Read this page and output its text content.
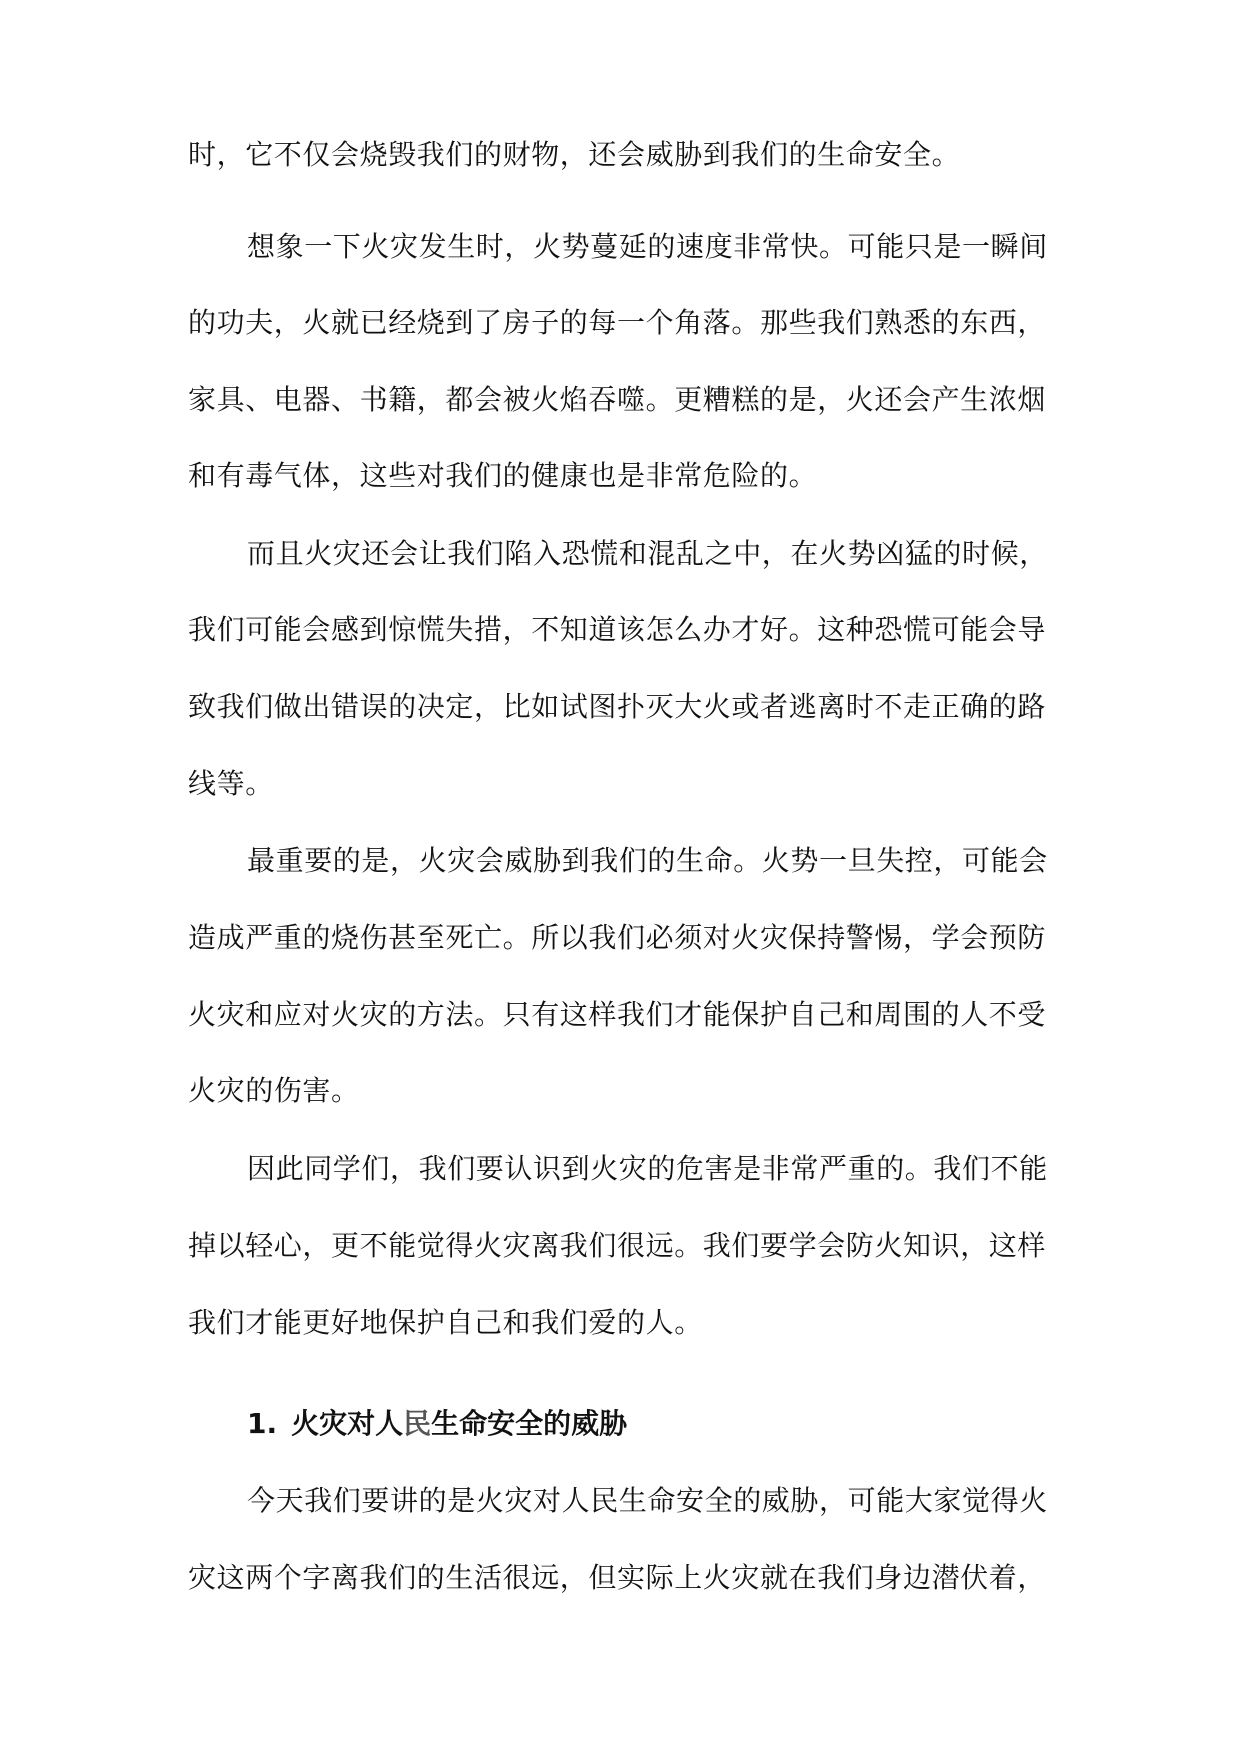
时，它不仅会烧毁我们的财物，还会威胁到我们的生命安全。
想象一下火灾发生时，火势蔓延的速度非常快。可能只是一瞬间
的功夫，火就已经烧到了房子的每一个角落。那些我们熟悉的东西，
家具、电器、书籍，都会被火焰吞噬。更糟糕的是，火还会产生浓烟
和有毒气体，这些对我们的健康也是非常危险的。
而且火灾还会让我们陷入恐慌和混乱之中，在火势凶猛的时候，
我们可能会感到惊慌失措，不知道该怎么办才好。这种恐慌可能会导
致我们做出错误的决定，比如试图扑灭大火或者逃离时不走正确的路
线等。
最重要的是，火灾会威胁到我们的生命。火势一旦失控，可能会
造成严重的烧伤甚至死亡。所以我们必须对火灾保持警惕，学会预防
火灾和应对火灾的方法。只有这样我们才能保护自己和周围的人不受
火灾的伤害。
因此同学们，我们要认识到火灾的危害是非常严重的。我们不能
掉以轻心，更不能觉得火灾离我们很远。我们要学会防火知识，这样
我们才能更好地保护自己和我们爱的人。
1. 火灾对人民生命安全的威胁
今天我们要讲的是火灾对人民生命安全的威胁，可能大家觉得火
灾这两个字离我们的生活很远，但实际上火灾就在我们身边潜伏着，
